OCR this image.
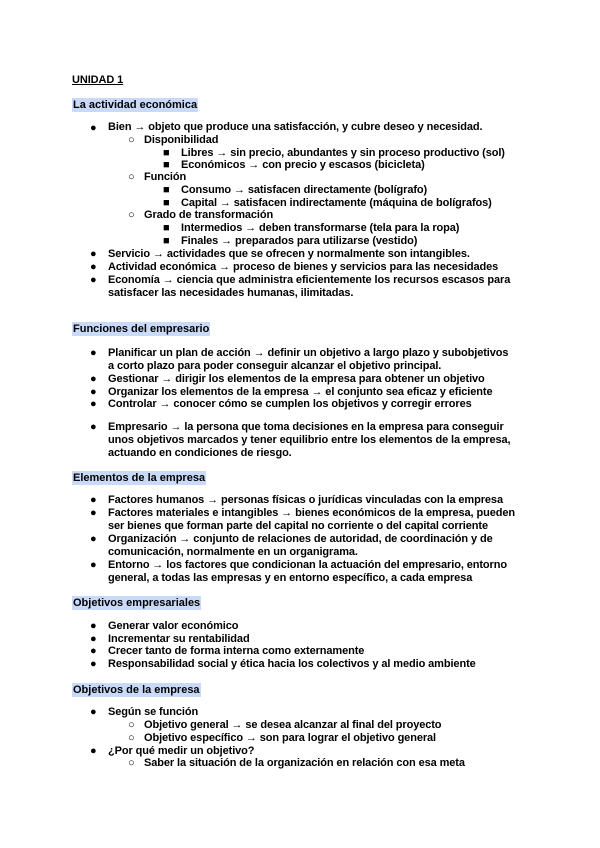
UNIDAD 1
La actividad económica
● Bien → objeto que produce una satisfacción, y cubre deseo y necesidad.
○ Disponibilidad
■ Libres → sin precio, abundantes y sin proceso productivo (sol)
■ Económicos → con precio y escasos (bicicleta)
○ Función
■ Consumo → satisfacen directamente (bolígrafo)
■ Capital → satisfacen indirectamente (máquina de bolígrafos)
○ Grado de transformación
■ Intermedios → deben transformarse (tela para la ropa)
■ Finales → preparados para utilizarse (vestido)
● Servicio → actividades que se ofrecen y normalmente son intangibles.
● Actividad económica → proceso de bienes y servicios para las necesidades
● Economía → ciencia que administra eficientemente los recursos escasos para
satisfacer las necesidades humanas, ilimitadas.
Funciones del empresario
● Planificar un plan de acción → definir un objetivo a largo plazo y subobjetivos
a corto plazo para poder conseguir alcanzar el objetivo principal.
● Gestionar → dirigir los elementos de la empresa para obtener un objetivo
● Organizar los elementos de la empresa → el conjunto sea eficaz y eficiente
● Controlar → conocer cómo se cumplen los objetivos y corregir errores
● Empresario → la persona que toma decisiones en la empresa para conseguir
unos objetivos marcados y tener equilibrio entre los elementos de la empresa,
actuando en condiciones de riesgo.
Elementos de la empresa
● Factores humanos → personas físicas o jurídicas vinculadas con la empresa
● Factores materiales e intangibles → bienes económicos de la empresa, pueden
ser bienes que forman parte del capital no corriente o del capital corriente
● Organización → conjunto de relaciones de autoridad, de coordinación y de
comunicación, normalmente en un organigrama.
● Entorno → los factores que condicionan la actuación del empresario, entorno
general, a todas las empresas y en entorno específico, a cada empresa
Objetivos empresariales
● Generar valor económico
● Incrementar su rentabilidad
● Crecer tanto de forma interna como externamente
● Responsabilidad social y ética hacia los colectivos y al medio ambiente
Objetivos de la empresa
● Según se función
○ Objetivo general → se desea alcanzar al final del proyecto
○ Objetivo específico → son para lograr el objetivo general
● ¿Por qué medir un objetivo?
○ Saber la situación de la organización en relación con esa meta
